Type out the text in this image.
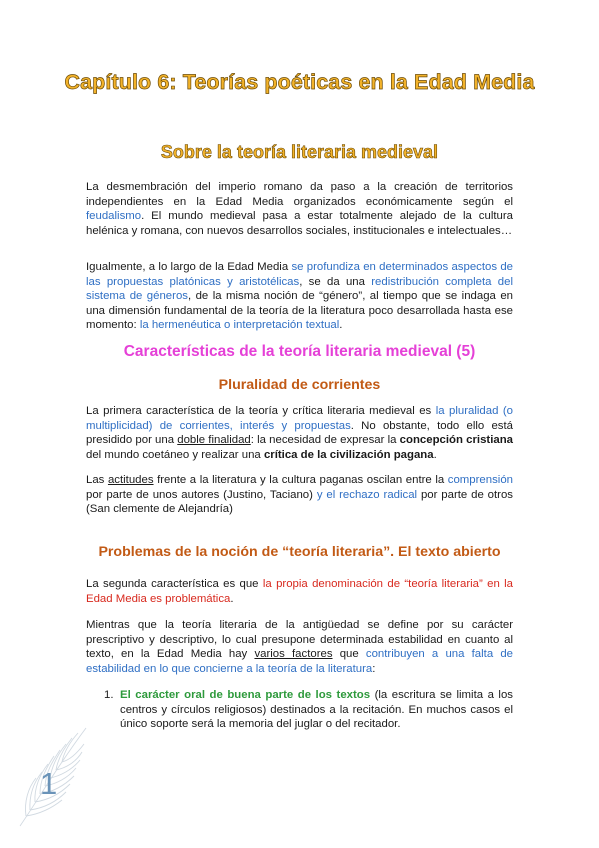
Capítulo 6: Teorías poéticas en la Edad Media
Sobre la teoría literaria medieval

La desmembración del imperio romano da paso a la creación de territorios independientes en la Edad Media organizados económicamente según el feudalismo. El mundo medieval pasa a estar totalmente alejado de la cultura helénica y romana, con nuevos desarrollos sociales, institucionales e intelectuales…

Igualmente, a lo largo de la Edad Media se profundiza en determinados aspectos de las propuestas platónicas y aristotélicas, se da una redistribución completa del sistema de géneros, de la misma noción de “género”, al tiempo que se indaga en una dimensión fundamental de la teoría de la literatura poco desarrollada hasta ese momento: la hermenéutica o interpretación textual.

Características de la teoría literaria medieval (5)
Pluralidad de corrientes

La primera característica de la teoría y crítica literaria medieval es la pluralidad (o multiplicidad) de corrientes, interés y propuestas. No obstante, todo ello está presidido por una doble finalidad: la necesidad de expresar la concepción cristiana del mundo coetáneo y realizar una crítica de la civilización pagana.

Las actitudes frente a la literatura y la cultura paganas oscilan entre la comprensión por parte de unos autores (Justino, Taciano) y el rechazo radical por parte de otros (San clemente de Alejandría)

Problemas de la noción de “teoría literaria”. El texto abierto

La segunda característica es que la propia denominación de “teoría literaria” en la Edad Media es problemática.

Mientras que la teoría literaria de la antigüedad se define por su carácter prescriptivo y descriptivo, lo cual presupone determinada estabilidad en cuanto al texto, en la Edad Media hay varios factores que contribuyen a una falta de estabilidad en lo que concierne a la teoría de la literatura:

1. El carácter oral de buena parte de los textos (la escritura se limita a los centros y círculos religiosos) destinados a la recitación. En muchos casos el único soporte será la memoria del juglar o del recitador.

1
